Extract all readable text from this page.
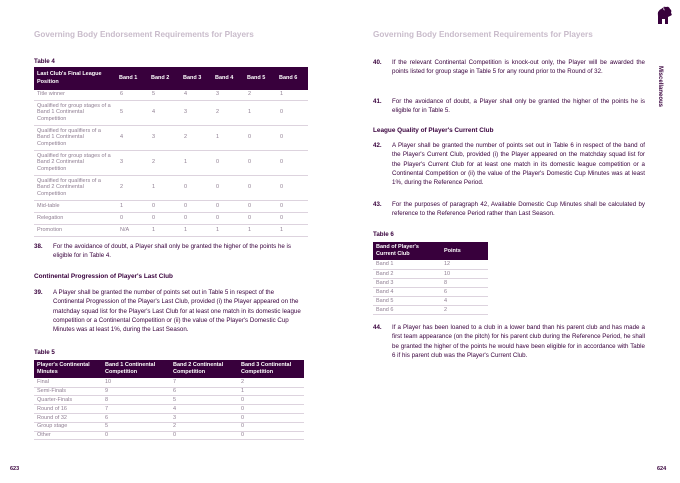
Governing Body Endorsement Requirements for Players	Governing Body Endorsement Requirements for Players
Miscellaneous
Table 4
Last Club's Final League Position	Band 1	Band 2	Band 3	Band 4	Band 5	Band 6
Title winner	6	5	4	3	2	1
Qualified for group stages of a Band 1 Continental Competition	5	4	3	2	1	0
Qualified for qualifiers of a Band 1 Continental Competition	4	3	2	1	0	0
Qualified for group stages of a Band 2 Continental Competition	3	2	1	0	0	0
Qualified for qualifiers of a Band 2 Continental Competition	2	1	0	0	0	0
Mid-table	1	0	0	0	0	0
Relegation	0	0	0	0	0	0
Promotion	N/A	1	1	1	1	1
38. For the avoidance of doubt, a Player shall only be granted the higher of the points he is eligible for in Table 4.
Continental Progression of Player's Last Club
39. A Player shall be granted the number of points set out in Table 5 in respect of the Continental Progression of the Player's Last Club, provided (i) the Player appeared on the matchday squad list for the Player's Last Club for at least one match in its domestic league competition or a Continental Competition or (ii) the value of the Player's Domestic Cup Minutes was at least 1%, during the Last Season.
Table 5
Player's Continental Minutes	Band 1 Continental Competition	Band 2 Continental Competition	Band 3 Continental Competition
Final	10	7	2
Semi-Finals	9	6	1
Quarter-Finals	8	5	0
Round of 16	7	4	0
Round of 32	6	3	0
Group stage	5	2	0
Other	0	0	0
623
40. If the relevant Continental Competition is knock-out only, the Player will be awarded the points listed for group stage in Table 5 for any round prior to the Round of 32.
41. For the avoidance of doubt, a Player shall only be granted the higher of the points he is eligible for in Table 5.
League Quality of Player's Current Club
42. A Player shall be granted the number of points set out in Table 6 in respect of the band of the Player's Current Club, provided (i) the Player appeared on the matchday squad list for the Player's Current Club for at least one match in its domestic league competition or a Continental Competition or (ii) the value of the Player's Domestic Cup Minutes was at least 1%, during the Reference Period.
43. For the purposes of paragraph 42, Available Domestic Cup Minutes shall be calculated by reference to the Reference Period rather than Last Season.
Table 6
Band of Player's Current Club	Points
Band 1	12
Band 2	10
Band 3	8
Band 4	6
Band 5	4
Band 6	2
44. If a Player has been loaned to a club in a lower band than his parent club and has made a first team appearance (on the pitch) for his parent club during the Reference Period, he shall be granted the higher of the points he would have been eligible for in accordance with Table 6 if his parent club was the Player's Current Club.
624
